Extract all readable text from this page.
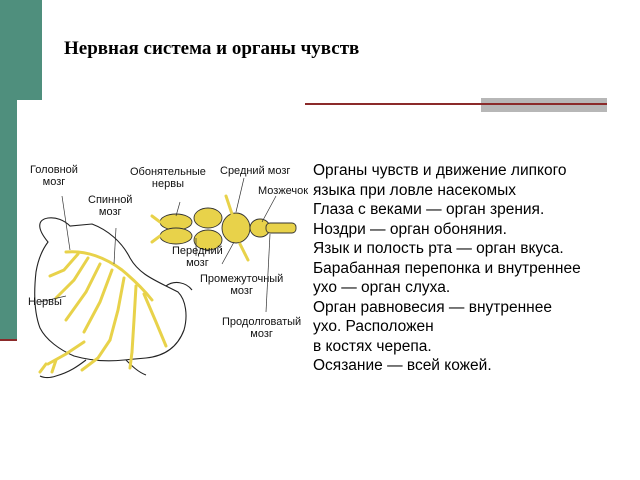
Нервная система и органы чувств
Головной
мозг
Спинной
мозг
Обонятельные
нервы
Средний мозг
Мозжечок
Передний
мозг
Промежуточный
мозг
Нервы
Продолговатый
мозг
Органы чувств и движение липкого
языка при ловле насекомых
Глаза с веками — орган зрения.
Ноздри — орган обоняния.
Язык и полость рта — орган вкуса.
Барабанная перепонка и внутреннее
ухо — орган слуха.
Орган равновесия — внутреннее
ухо. Расположен
в костях черепа.
Осязание — всей кожей.
